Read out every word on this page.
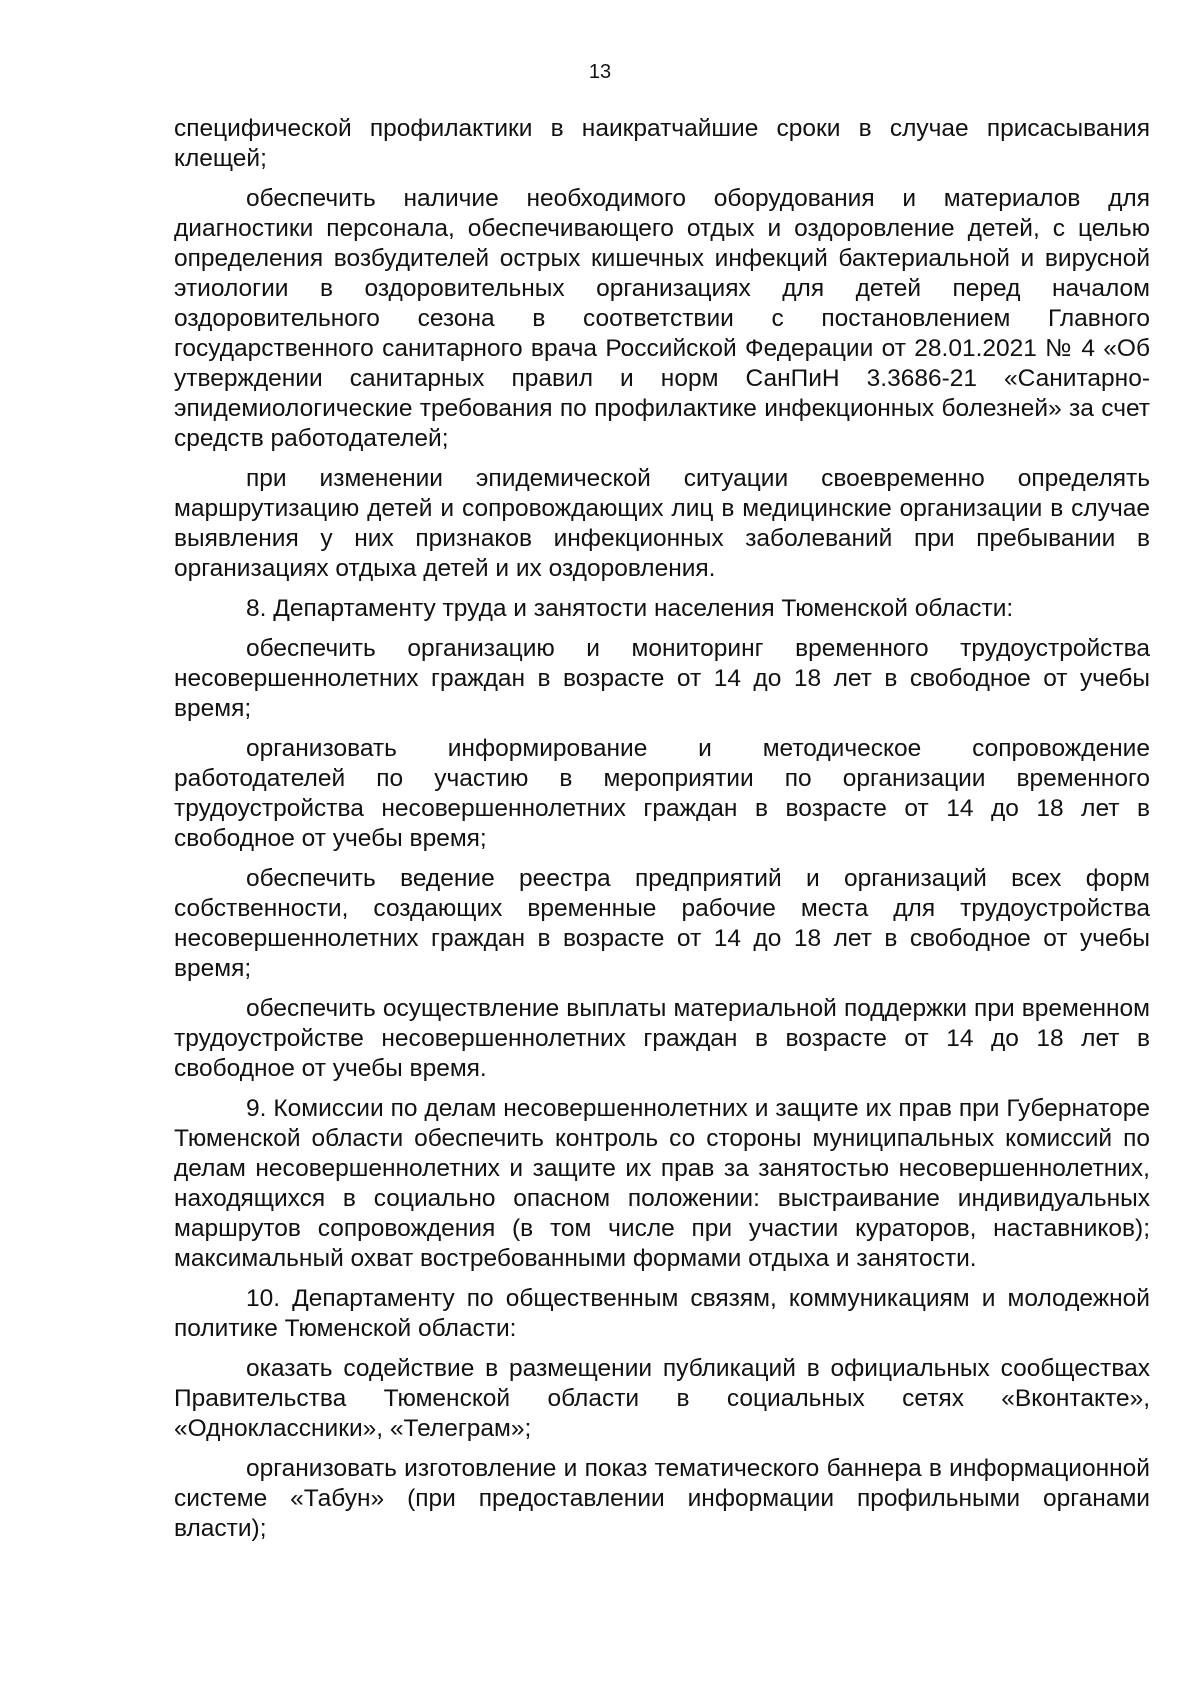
13

специфической профилактики в наикратчайшие сроки в случае присасывания клещей;

обеспечить наличие необходимого оборудования и материалов для диагностики персонала, обеспечивающего отдых и оздоровление детей, с целью определения возбудителей острых кишечных инфекций бактериальной и вирусной этиологии в оздоровительных организациях для детей перед началом оздоровительного сезона в соответствии с постановлением Главного государственного санитарного врача Российской Федерации от 28.01.2021 № 4 «Об утверждении санитарных правил и норм СанПиН 3.3686-21 «Санитарно-эпидемиологические требования по профилактике инфекционных болезней» за счет средств работодателей;

при изменении эпидемической ситуации своевременно определять маршрутизацию детей и сопровождающих лиц в медицинские организации в случае выявления у них признаков инфекционных заболеваний при пребывании в организациях отдыха детей и их оздоровления.

8. Департаменту труда и занятости населения Тюменской области:

обеспечить организацию и мониторинг временного трудоустройства несовершеннолетних граждан в возрасте от 14 до 18 лет в свободное от учебы время;

организовать информирование и методическое сопровождение работодателей по участию в мероприятии по организации временного трудоустройства несовершеннолетних граждан в возрасте от 14 до 18 лет в свободное от учебы время;

обеспечить ведение реестра предприятий и организаций всех форм собственности, создающих временные рабочие места для трудоустройства несовершеннолетних граждан в возрасте от 14 до 18 лет в свободное от учебы время;

обеспечить осуществление выплаты материальной поддержки при временном трудоустройстве несовершеннолетних граждан в возрасте от 14 до 18 лет в свободное от учебы время.

9. Комиссии по делам несовершеннолетних и защите их прав при Губернаторе Тюменской области обеспечить контроль со стороны муниципальных комиссий по делам несовершеннолетних и защите их прав за занятостью несовершеннолетних, находящихся в социально опасном положении: выстраивание индивидуальных маршрутов сопровождения (в том числе при участии кураторов, наставников); максимальный охват востребованными формами отдыха и занятости.

10. Департаменту по общественным связям, коммуникациям и молодежной политике Тюменской области:

оказать содействие в размещении публикаций в официальных сообществах Правительства Тюменской области в социальных сетях «Вконтакте», «Одноклассники», «Телеграм»;

организовать изготовление и показ тематического баннера в информационной системе «Табун» (при предоставлении информации профильными органами власти);
